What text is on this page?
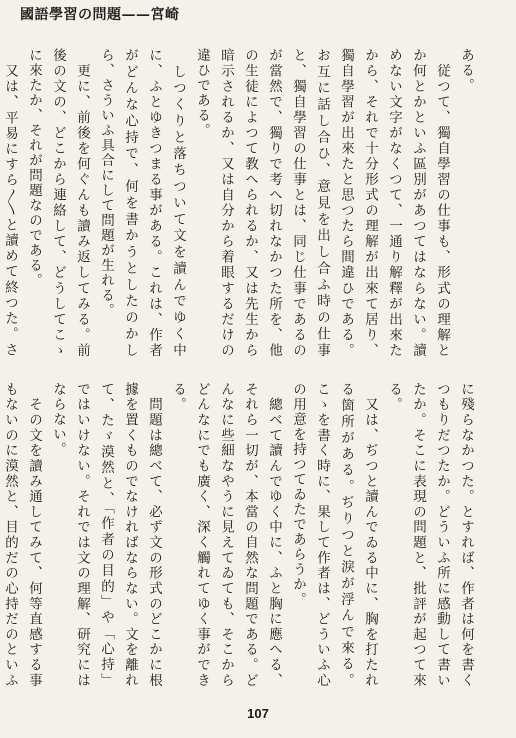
國語學習の問題——宮崎
ある。
　従つて、獨自學習の仕事も、形式の理解とか何とかといふ區別があつてはならない。讀めない文字がなくつて、一通り解釋が出來たから、それで十分形式の理解が出來て居り、獨自學習が出來たと思つたら間違ひである。お互に話し合ひ、意見を出し合ふ時の仕事と、獨自學習の仕事とは、同じ仕事であるのが當然で、獨りで考へ切れなかつた所を、他の生徒によつて教へられるか、又は先生から暗示されるか、又は自分から着眼するだけの違ひである。
　しつくりと落ちついて文を讀んでゆく中に、ふとゆきつまる事がある。これは、作者がどんな心持で、何を書かうとしたのかしら、さういふ具合にして問題が生れる。
　更に、前後を何ぐんも讀み返してみる。前後の文の、どこから連絡して、どうしてこゝに來たか、それが問題なのである。
　又は、平易にすら〳〵と讀めて終つた。さ
に殘らなかつた。とすれば、作者は何を書くつもりだつたか。どういふ所に感動して書いたか。そこに表現の問題と、批評が起つて來る。
　又は、ぢつと讀んでゐる中に、胸を打たれる箇所がある。ぢりつと淚が浮んで來る。こゝを書く時に、果して作者は、どういふ心の用意を持つてゐたであらうか。
　總べて讀んでゆく中に、ふと胸に應へる、それら一切が、本當の自然な問題である。どんなに些細なやうに見えてゐても、そこからどんなにでも廣く、深く觸れてゆく事ができる。
　問題は總べて、必ず文の形式のどこかに根據を置くものでなければならない。文を離れて、たゞ漠然と、「作者の目的」や「心持」ではいけない。それでは文の理解、研究にはならない。
　その文を讀み通してみて、何等直感する事もないのに漠然と、目的だの心持だのといふ
107
